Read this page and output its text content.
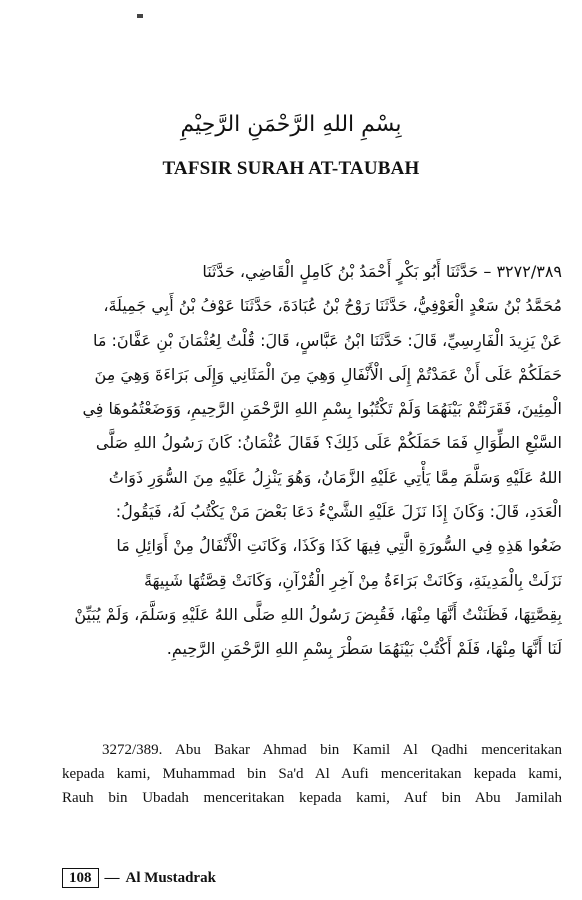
بِسْمِ اللهِ الرَّحْمَنِ الرَّحِيْمِ
TAFSIR SURAH AT-TAUBAH
٣٢٧٢/٣٨٩ – حَدَّثَنَا أَبُو بَكْرٍ أَحْمَدُ بْنُ كَامِلٍ الْقَاضِي، حَدَّثَنَا
مُحَمَّدُ بْنُ سَعْدٍ الْعَوْفِيُّ، حَدَّثَنَا رَوْحُ بْنُ عُبَادَةَ، حَدَّثَنَا عَوْفُ بْنُ أَبِي جَمِيلَةَ،
عَنْ يَزِيدَ الْفَارِسِيِّ، قَالَ: حَدَّثَنَا ابْنُ عَبَّاسٍ، قَالَ: قُلْتُ لِعُثْمَانَ بْنِ عَفَّانَ: مَا
حَمَلَكُمْ عَلَى أَنْ عَمَدْتُمْ إِلَى الْأَنْفَالِ وَهِيَ مِنَ الْمَثَانِي وَإِلَى بَرَاءَةَ وَهِيَ مِنَ
الْمِئِينَ، فَقَرَنْتُمْ بَيْنَهُمَا وَلَمْ تَكْتُبُوا بِسْمِ اللهِ الرَّحْمَنِ الرَّحِيمِ، وَوَضَعْتُمُوهَا فِي
السَّبْعِ الطِّوَالِ فَمَا حَمَلَكُمْ عَلَى ذَلِكَ؟ فَقَالَ عُثْمَانُ: كَانَ رَسُولُ اللهِ صَلَّى
اللهُ عَلَيْهِ وَسَلَّمَ مِمَّا يَأْتِي عَلَيْهِ الزَّمَانُ، وَهُوَ يَنْزِلُ عَلَيْهِ مِنَ السُّوَرِ ذَوَاتُ
الْعَدَدِ، قَالَ: وَكَانَ إِذَا نَزَلَ عَلَيْهِ الشَّيْءُ دَعَا بَعْضَ مَنْ يَكْتُبُ لَهُ، فَيَقُولُ:
ضَعُوا هَذِهِ فِي السُّورَةِ الَّتِي فِيهَا كَذَا وَكَذَا، وَكَانَتِ الْأَنْفَالُ مِنْ أَوَائِلِ مَا
نَزَلَتْ بِالْمَدِينَةِ، وَكَانَتْ بَرَاءَةُ مِنْ آخِرِ الْقُرْآنِ، وَكَانَتْ قِصَّتُهَا شَبِيهَةً
بِقِصَّتِهَا، فَظَنَنْتُ أَنَّهَا مِنْهَا، فَقُبِضَ رَسُولُ اللهِ صَلَّى اللهُ عَلَيْهِ وَسَلَّمَ، وَلَمْ يُبَيِّنْ
لَنَا أَنَّهَا مِنْهَا، فَلَمْ أَكْتُبْ بَيْنَهُمَا سَطْرَ بِسْمِ اللهِ الرَّحْمَنِ الرَّحِيمِ.
3272/389. Abu Bakar Ahmad bin Kamil Al Qadhi menceritakan
kepada kami, Muhammad bin Sa'd Al Aufi menceritakan kepada kami,
Rauh bin Ubadah menceritakan kepada kami, Auf bin Abu Jamilah
108 — Al Mustadrak
